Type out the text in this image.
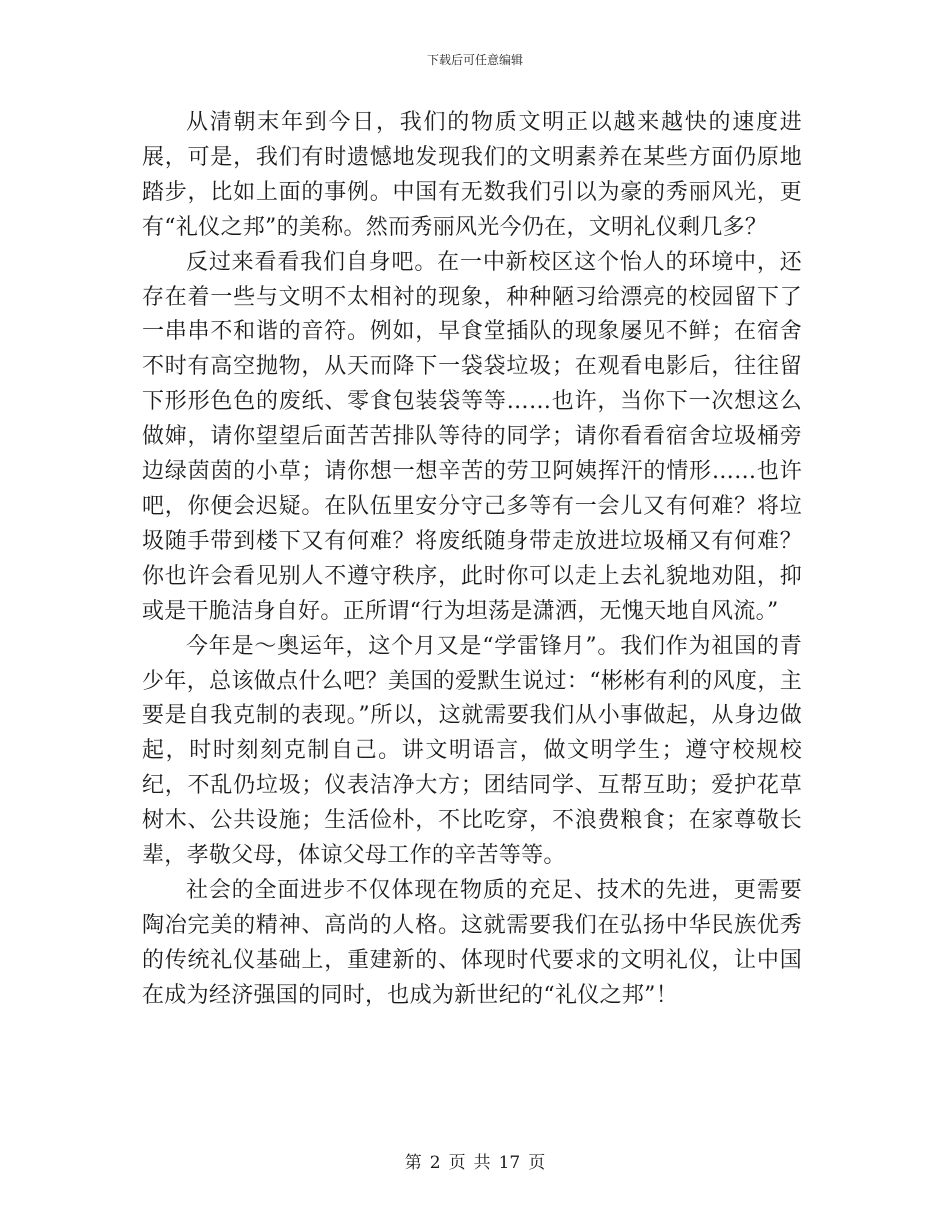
下载后可任意编辑

从清朝末年到今日，我们的物质文明正以越来越快的速度进展，可是，我们有时遗憾地发现我们的文明素养在某些方面仍原地踏步，比如上面的事例。中国有无数我们引以为豪的秀丽风光，更有“礼仪之邦”的美称。然而秀丽风光今仍在，文明礼仪剩几多？

反过来看看我们自身吧。在一中新校区这个怡人的环境中，还存在着一些与文明不太相衬的现象，种种陋习给漂亮的校园留下了一串串不和谐的音符。例如，早食堂插队的现象屡见不鲜；在宿舍不时有高空抛物，从天而降下一袋袋垃圾；在观看电影后，往往留下形形色色的废纸、零食包装袋等等……也许，当你下一次想这么做婶，请你望望后面苦苦排队等待的同学；请你看看宿舍垃圾桶旁边绿茵茵的小草；请你想一想辛苦的劳卫阿姨挥汗的情形……也许吧，你便会迟疑。在队伍里安分守己多等有一会儿又有何难？将垃圾随手带到楼下又有何难？将废纸随身带走放进垃圾桶又有何难？你也许会看见别人不遵守秩序，此时你可以走上去礼貌地劝阻，抑或是干脆洁身自好。正所谓“行为坦荡是潇洒，无愧天地自风流。”

今年是～奥运年，这个月又是“学雷锋月”。我们作为祖国的青少年，总该做点什么吧？美国的爱默生说过：“彬彬有利的风度，主要是自我克制的表现。”所以，这就需要我们从小事做起，从身边做起，时时刻刻克制自己。讲文明语言，做文明学生；遵守校规校纪，不乱仍垃圾；仪表洁净大方；团结同学、互帮互助；爱护花草树木、公共设施；生活俭朴，不比吃穿，不浪费粮食；在家尊敬长辈，孝敬父母，体谅父母工作的辛苦等等。

社会的全面进步不仅体现在物质的充足、技术的先进，更需要陶冶完美的精神、高尚的人格。这就需要我们在弘扬中华民族优秀的传统礼仪基础上，重建新的、体现时代要求的文明礼仪，让中国在成为经济强国的同时，也成为新世纪的“礼仪之邦”！

第 2 页 共 17 页
